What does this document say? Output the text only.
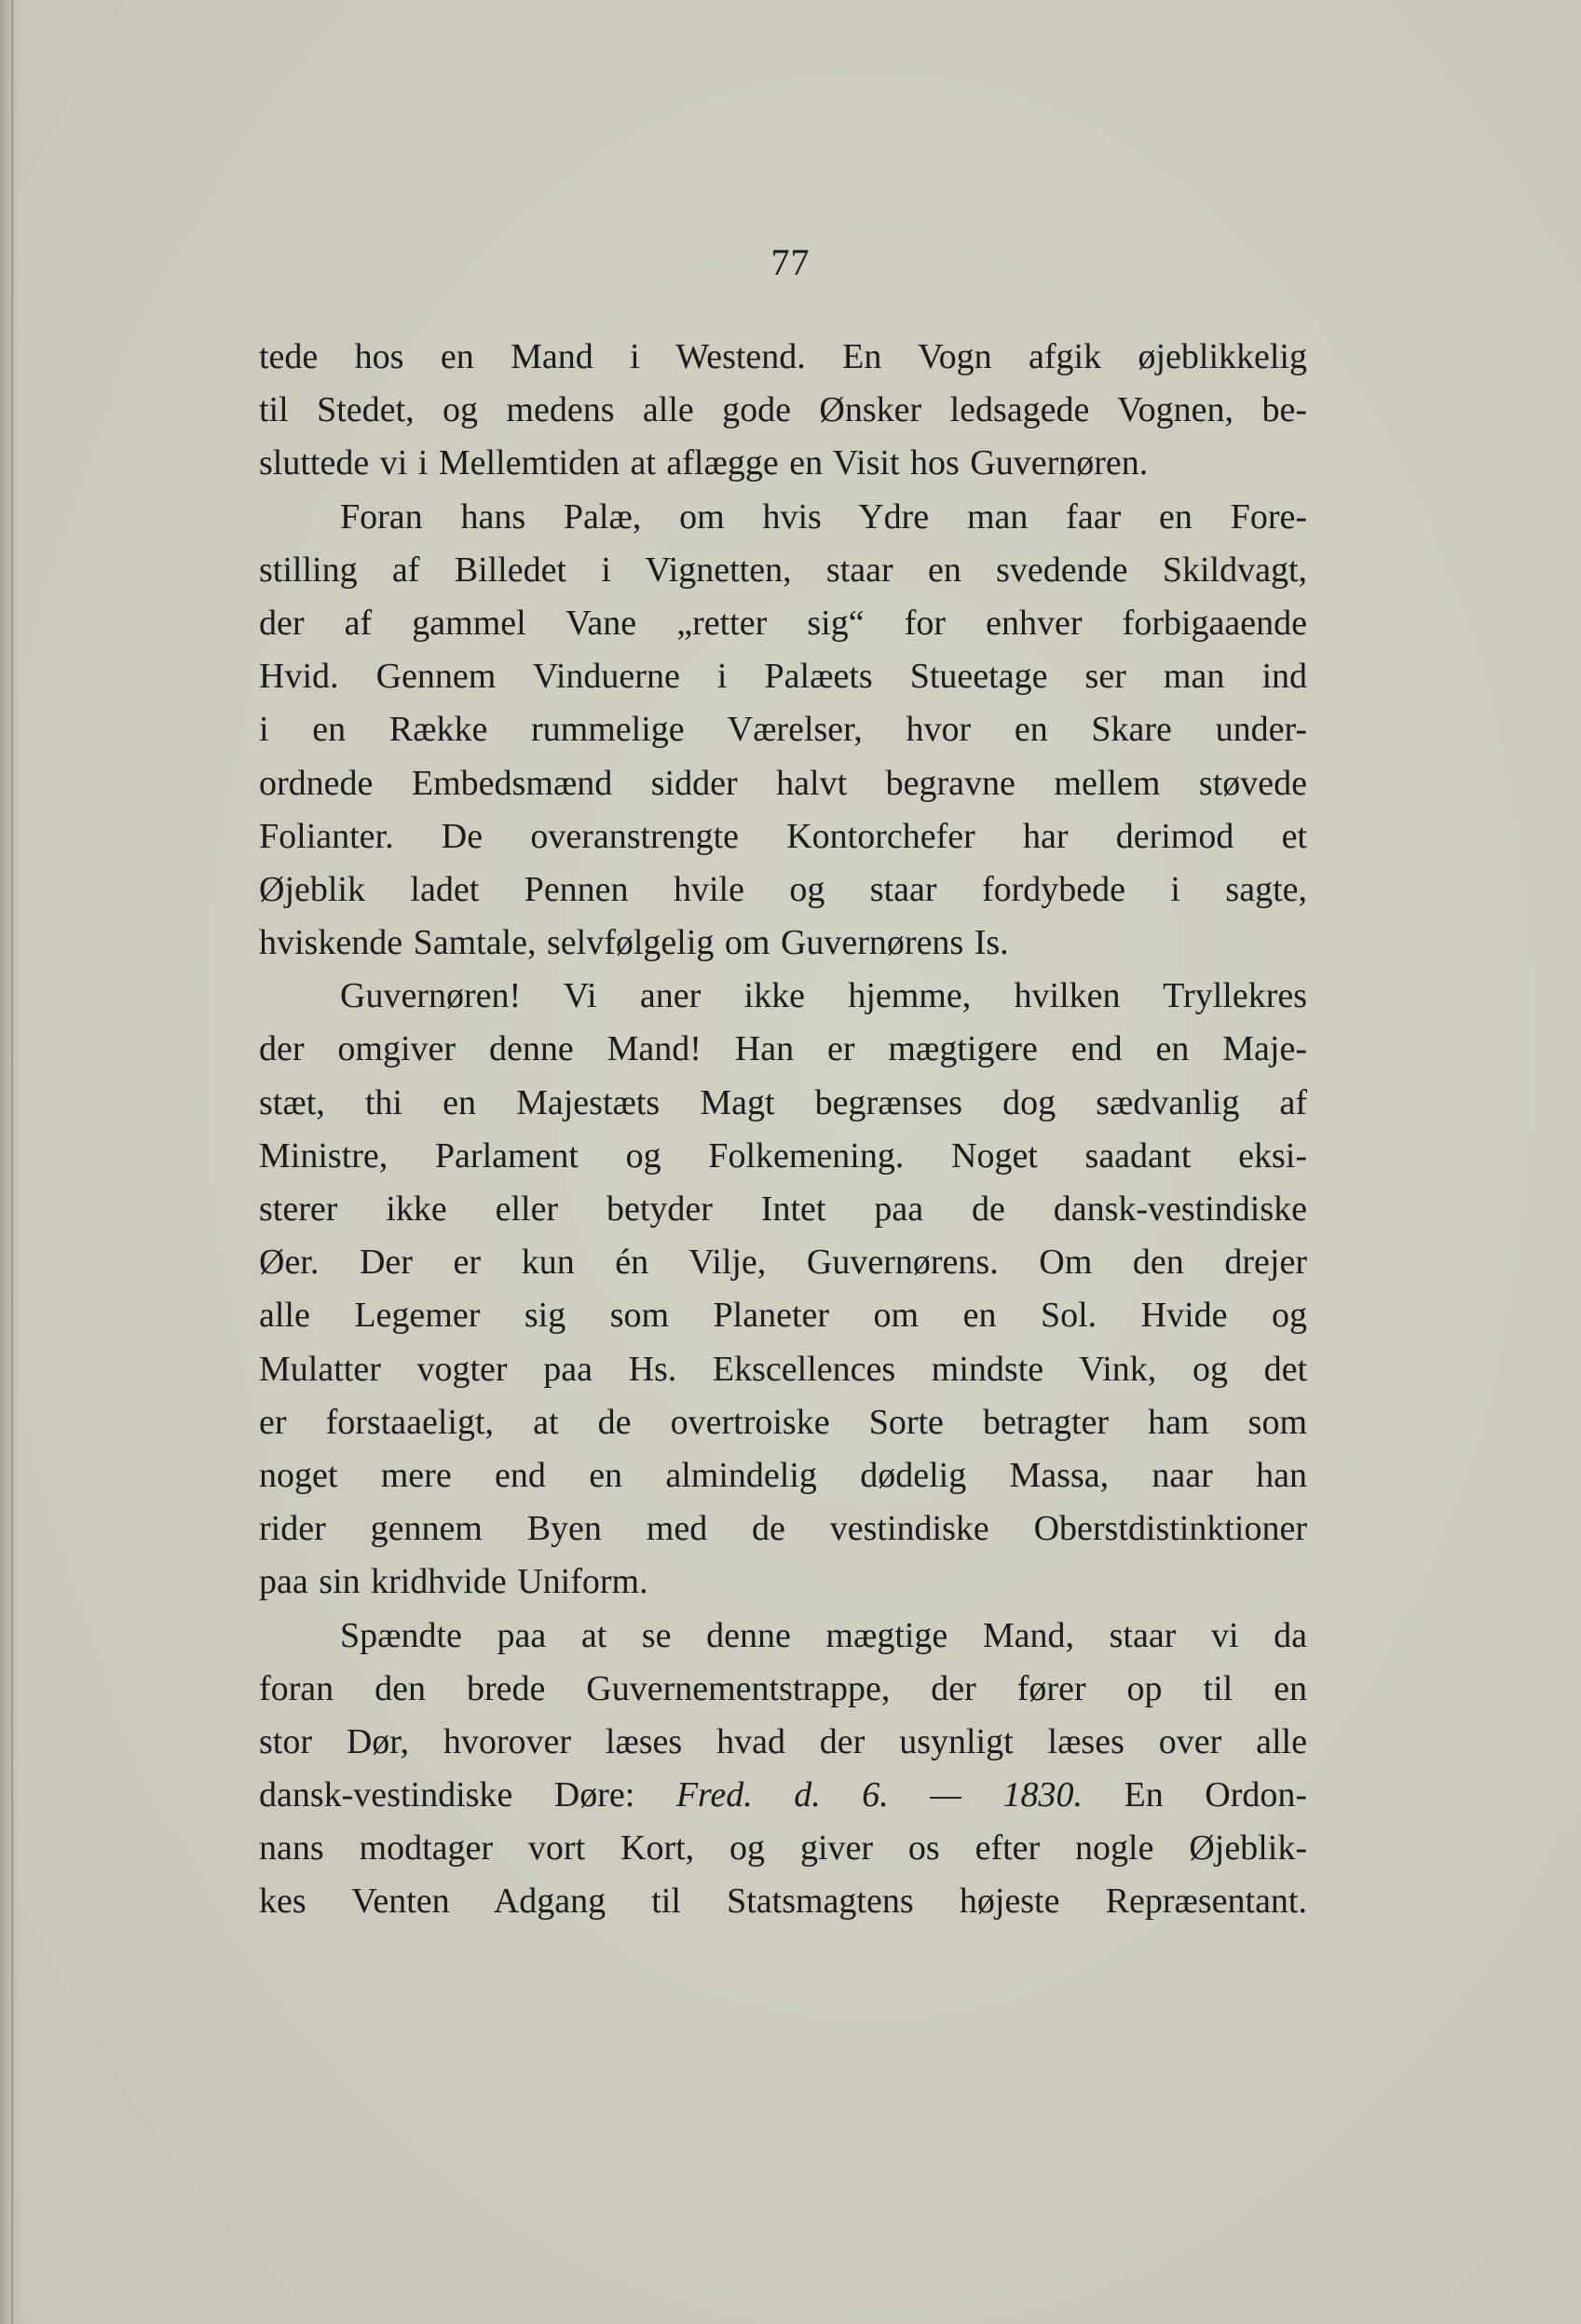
77
tede hos en Mand i Westend. En Vogn afgik øjeblikkelig
til Stedet, og medens alle gode Ønsker ledsagede Vognen, be-
sluttede vi i Mellemtiden at aflægge en Visit hos Guvernøren.
Foran hans Palæ, om hvis Ydre man faar en Fore-
stilling af Billedet i Vignetten, staar en svedende Skildvagt,
der af gammel Vane „retter sig“ for enhver forbigaaende
Hvid. Gennem Vinduerne i Palæets Stueetage ser man ind
i en Række rummelige Værelser, hvor en Skare under-
ordnede Embedsmænd sidder halvt begravne mellem støvede
Folianter. De overanstrengte Kontorchefer har derimod et
Øjeblik ladet Pennen hvile og staar fordybede i sagte,
hviskende Samtale, selvfølgelig om Guvernørens Is.
Guvernøren! Vi aner ikke hjemme, hvilken Tryllekres
der omgiver denne Mand! Han er mægtigere end en Maje-
stæt, thi en Majestæts Magt begrænses dog sædvanlig af
Ministre, Parlament og Folkemening. Noget saadant eksi-
sterer ikke eller betyder Intet paa de dansk-vestindiske
Øer. Der er kun én Vilje, Guvernørens. Om den drejer
alle Legemer sig som Planeter om en Sol. Hvide og
Mulatter vogter paa Hs. Ekscellences mindste Vink, og det
er forstaaeligt, at de overtroiske Sorte betragter ham som
noget mere end en almindelig dødelig Massa, naar han
rider gennem Byen med de vestindiske Oberstdistinktioner
paa sin kridhvide Uniform.
Spændte paa at se denne mægtige Mand, staar vi da
foran den brede Guvernementstrappe, der fører op til en
stor Dør, hvorover læses hvad der usynligt læses over alle
dansk-vestindiske Døre: Fred. d. 6. — 1830. En Ordon-
nans modtager vort Kort, og giver os efter nogle Øjeblik-
kes Venten Adgang til Statsmagtens højeste Repræsentant.
